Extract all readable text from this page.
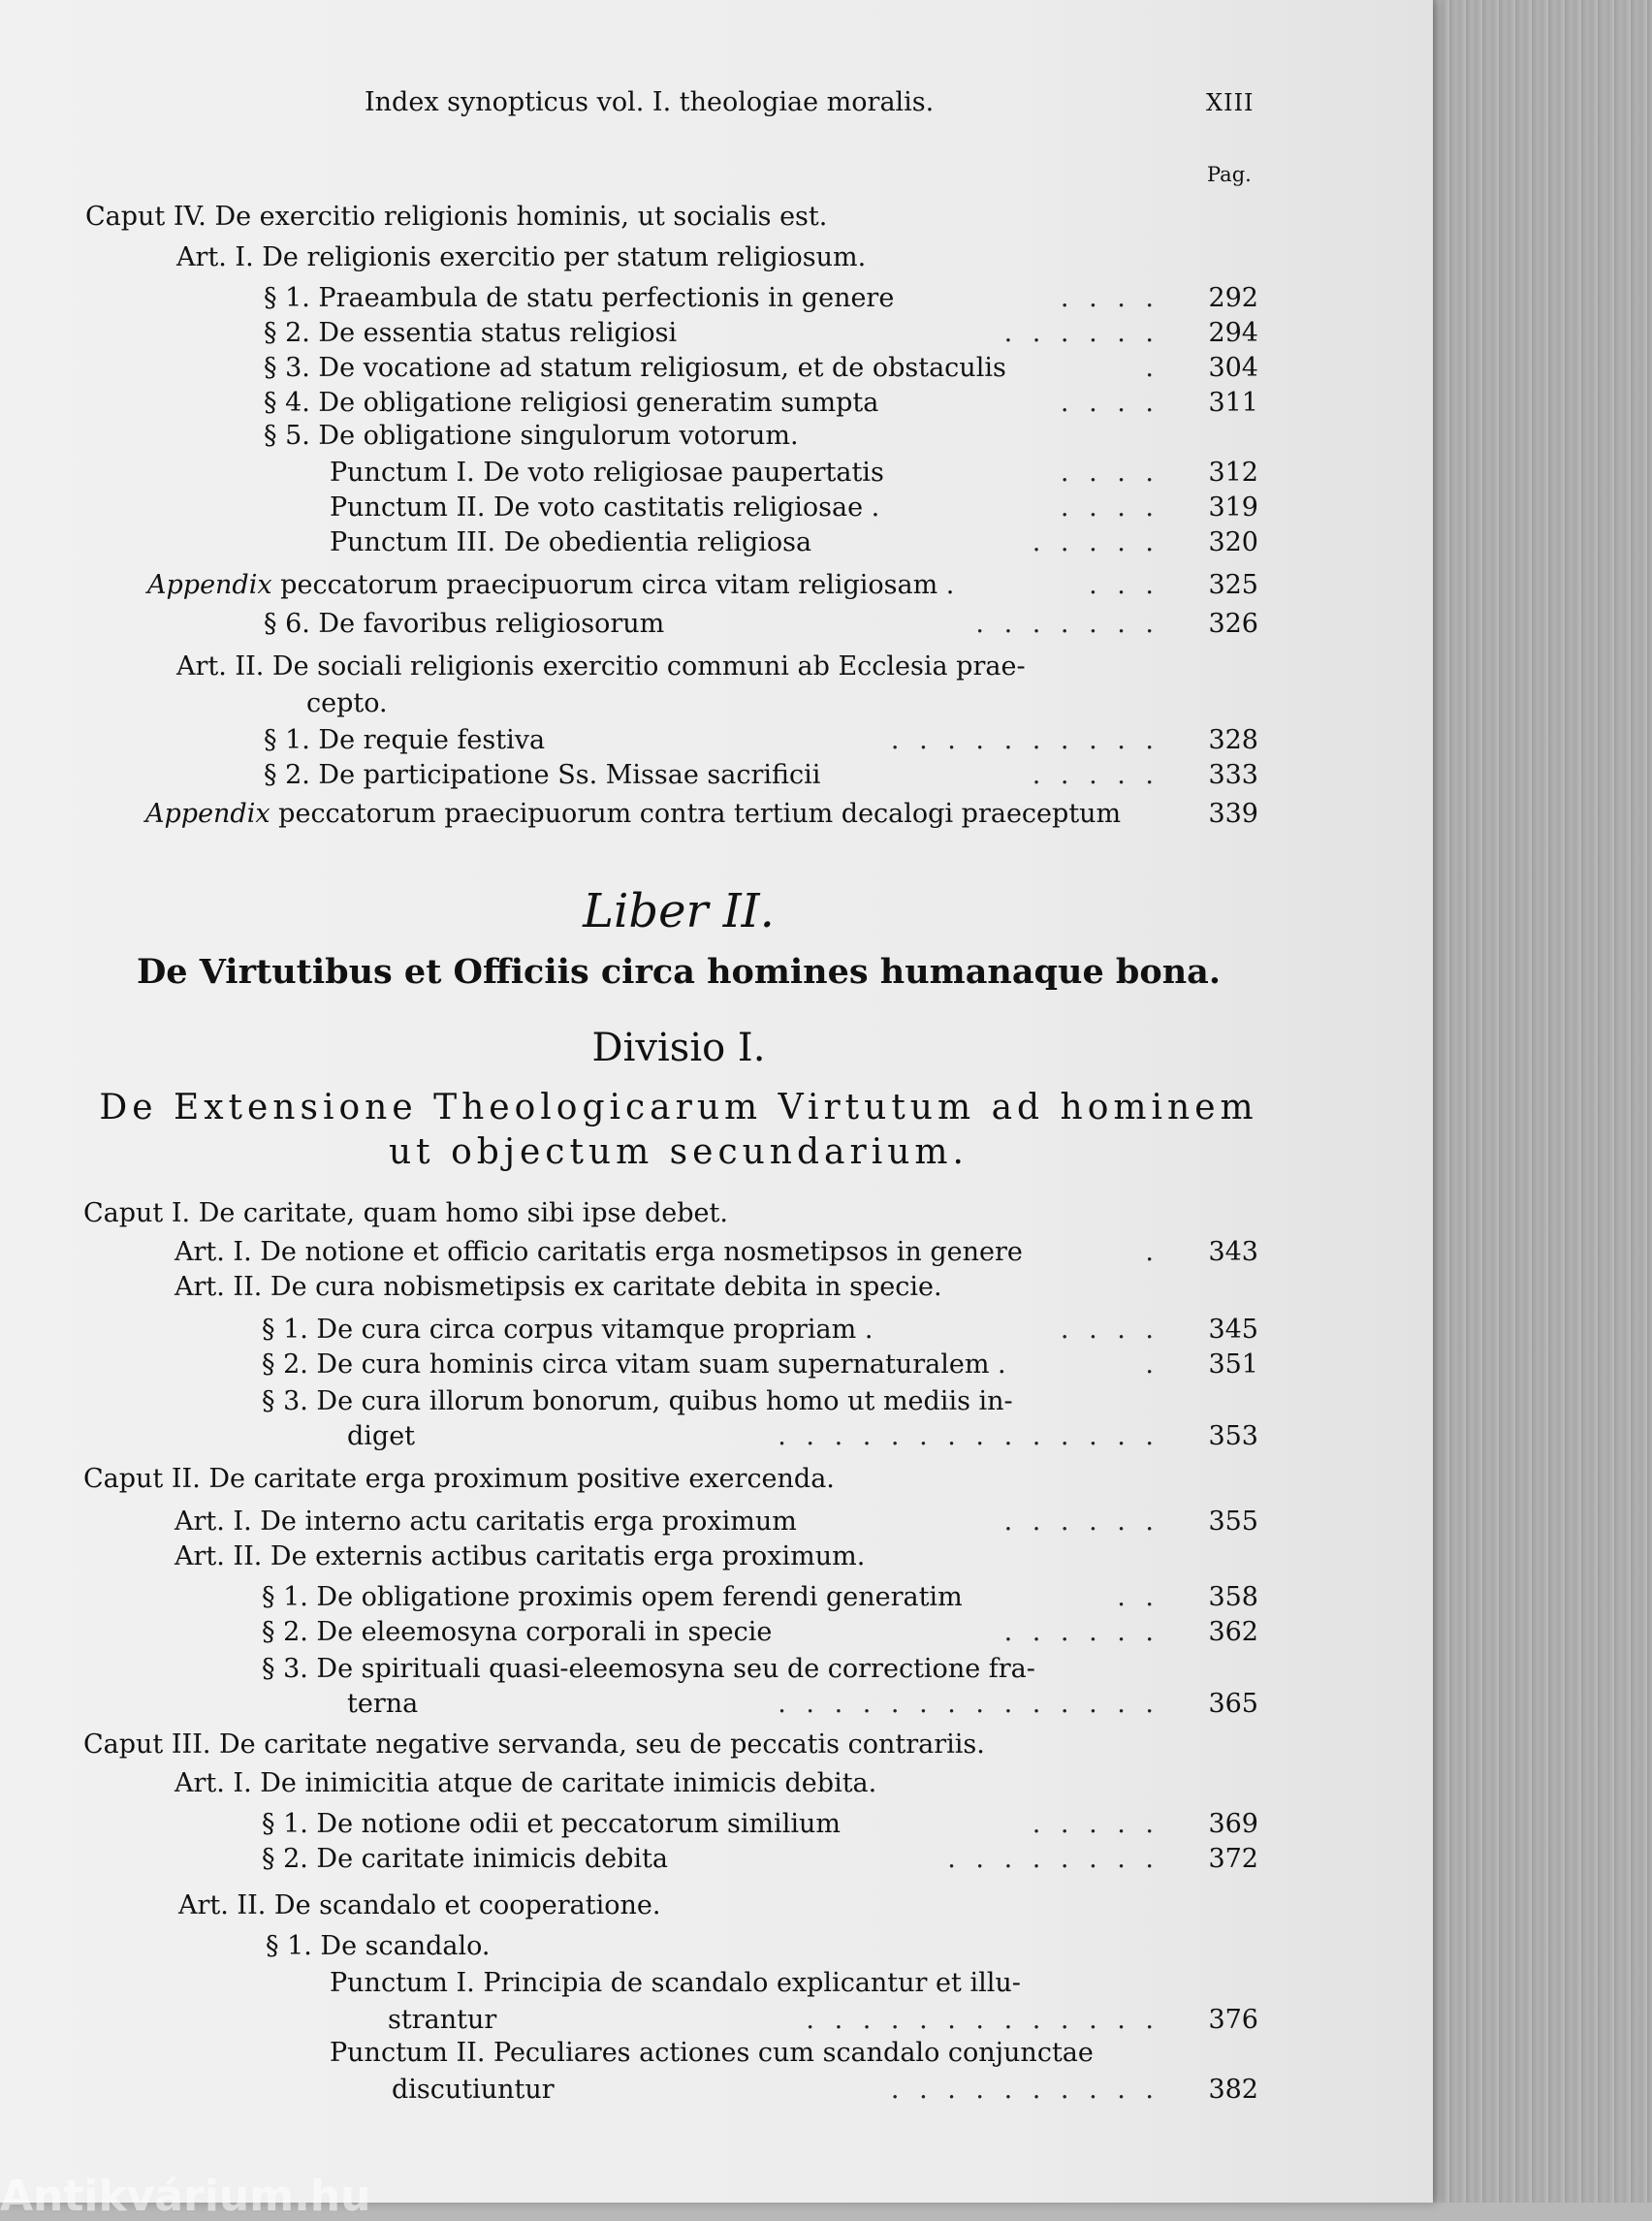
Index synopticus vol. I. theologiae moralis.	XIII
Pag.
Caput IV. De exercitio religionis hominis, ut socialis est.
Art. I. De religionis exercitio per statum religiosum.
§ 1. Praeambula de statu perfectionis in genere	. . . .	292
§ 2. De essentia status religiosi	. . . . . .	294
§ 3. De vocatione ad statum religiosum, et de obstaculis	.	304
§ 4. De obligatione religiosi generatim sumpta	. . . .	311
§ 5. De obligatione singulorum votorum.
Punctum I. De voto religiosae paupertatis	. . . .	312
Punctum II. De voto castitatis religiosae .	. . . .	319
Punctum III. De obedientia religiosa	. . . . .	320
Appendix peccatorum praecipuorum circa vitam religiosam .	. . .	325
§ 6. De favoribus religiosorum	. . . . . . .	326
Art. II. De sociali religionis exercitio communi ab Ecclesia prae-
cepto.
§ 1. De requie festiva	. . . . . . . . . .	328
§ 2. De participatione Ss. Missae sacrificii	. . . . .	333
Appendix peccatorum praecipuorum contra tertium decalogi praeceptum	339
Liber II.
De Virtutibus et Officiis circa homines humanaque bona.
Divisio I.
De Extensione Theologicarum Virtutum ad hominem
ut objectum secundarium.
Caput I. De caritate, quam homo sibi ipse debet.
Art. I. De notione et officio caritatis erga nosmetipsos in genere	.	343
Art. II. De cura nobismetipsis ex caritate debita in specie.
§ 1. De cura circa corpus vitamque propriam .	. . . .	345
§ 2. De cura hominis circa vitam suam supernaturalem .	.	351
§ 3. De cura illorum bonorum, quibus homo ut mediis in-
diget	. . . . . . . . . . . . . .	353
Caput II. De caritate erga proximum positive exercenda.
Art. I. De interno actu caritatis erga proximum	. . . . . .	355
Art. II. De externis actibus caritatis erga proximum.
§ 1. De obligatione proximis opem ferendi generatim	. .	358
§ 2. De eleemosyna corporali in specie	. . . . . .	362
§ 3. De spirituali quasi-eleemosyna seu de correctione fra-
terna	. . . . . . . . . . . . . .	365
Caput III. De caritate negative servanda, seu de peccatis contrariis.
Art. I. De inimicitia atque de caritate inimicis debita.
§ 1. De notione odii et peccatorum similium	. . . . .	369
§ 2. De caritate inimicis debita	. . . . . . . .	372
Art. II. De scandalo et cooperatione.
§ 1. De scandalo.
Punctum I. Principia de scandalo explicantur et illu-
strantur	. . . . . . . . . . . . .	376
Punctum II. Peculiares actiones cum scandalo conjunctae
discutiuntur	. . . . . . . . . .	382
Antikvárium.hu
